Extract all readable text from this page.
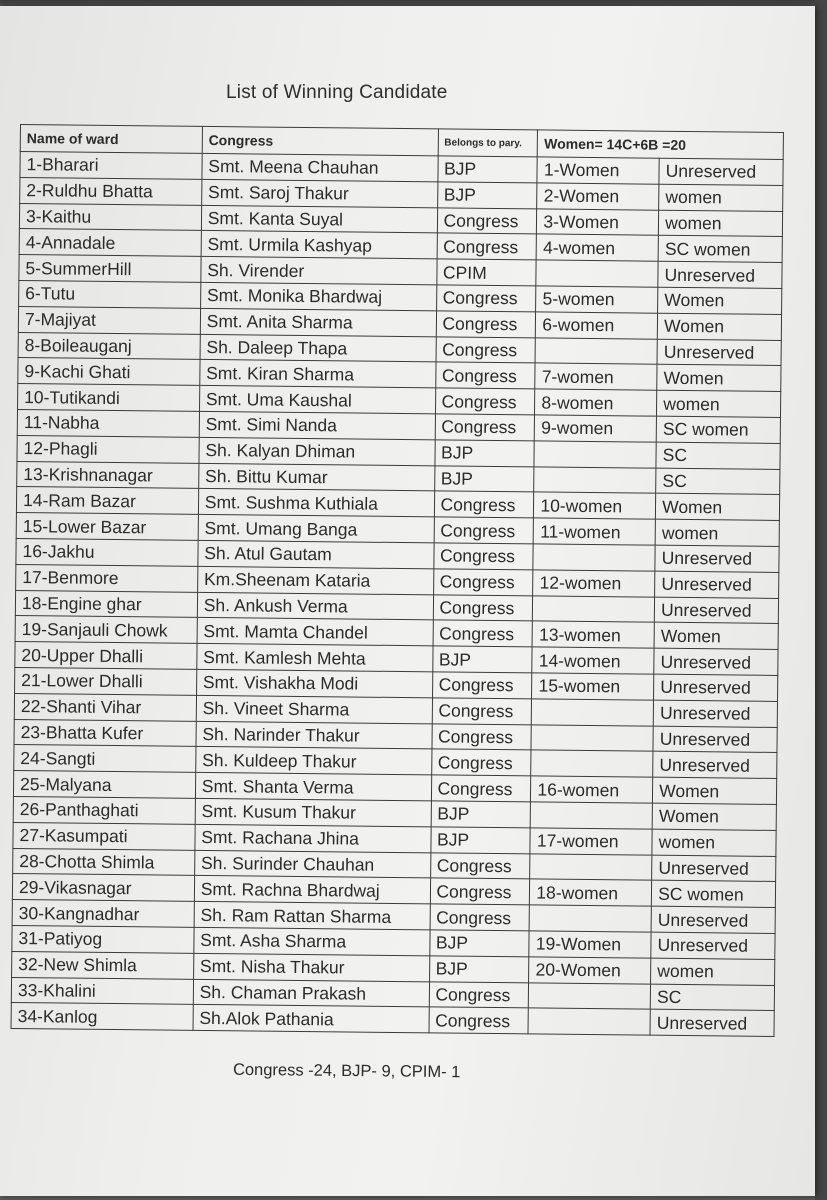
List of Winning Candidate
Name of ward	Congress	Belongs to pary.	Women= 14C+6B =20	
1-Bharari	Smt. Meena Chauhan	BJP	1-Women	Unreserved
2-Ruldhu Bhatta	Smt. Saroj Thakur	BJP	2-Women	women
3-Kaithu	Smt. Kanta Suyal	Congress	3-Women	women
4-Annadale	Smt. Urmila Kashyap	Congress	4-women	SC women
5-SummerHill	Sh. Virender	CPIM		Unreserved
6-Tutu	Smt. Monika Bhardwaj	Congress	5-women	Women
7-Majiyat	Smt. Anita Sharma	Congress	6-women	Women
8-Boileauganj	Sh. Daleep Thapa	Congress		Unreserved
9-Kachi Ghati	Smt. Kiran Sharma	Congress	7-women	Women
10-Tutikandi	Smt. Uma Kaushal	Congress	8-women	women
11-Nabha	Smt. Simi Nanda	Congress	9-women	SC women
12-Phagli	Sh. Kalyan Dhiman	BJP		SC
13-Krishnanagar	Sh. Bittu Kumar	BJP		SC
14-Ram Bazar	Smt. Sushma Kuthiala	Congress	10-women	Women
15-Lower Bazar	Smt. Umang Banga	Congress	11-women	women
16-Jakhu	Sh. Atul Gautam	Congress		Unreserved
17-Benmore	Km.Sheenam Kataria	Congress	12-women	Unreserved
18-Engine ghar	Sh. Ankush Verma	Congress		Unreserved
19-Sanjauli Chowk	Smt. Mamta Chandel	Congress	13-women	Women
20-Upper Dhalli	Smt. Kamlesh Mehta	BJP	14-women	Unreserved
21-Lower Dhalli	Smt. Vishakha Modi	Congress	15-women	Unreserved
22-Shanti Vihar	Sh. Vineet Sharma	Congress		Unreserved
23-Bhatta Kufer	Sh. Narinder Thakur	Congress		Unreserved
24-Sangti	Sh. Kuldeep Thakur	Congress		Unreserved
25-Malyana	Smt. Shanta Verma	Congress	16-women	Women
26-Panthaghati	Smt. Kusum Thakur	BJP		Women
27-Kasumpati	Smt. Rachana Jhina	BJP	17-women	women
28-Chotta Shimla	Sh. Surinder Chauhan	Congress		Unreserved
29-Vikasnagar	Smt. Rachna Bhardwaj	Congress	18-women	SC women
30-Kangnadhar	Sh. Ram Rattan Sharma	Congress		Unreserved
31-Patiyog	Smt. Asha Sharma	BJP	19-Women	Unreserved
32-New Shimla	Smt. Nisha Thakur	BJP	20-Women	women
33-Khalini	Sh. Chaman Prakash	Congress		SC
34-Kanlog	Sh.Alok Pathania	Congress		Unreserved
Congress -24, BJP- 9, CPIM- 1
